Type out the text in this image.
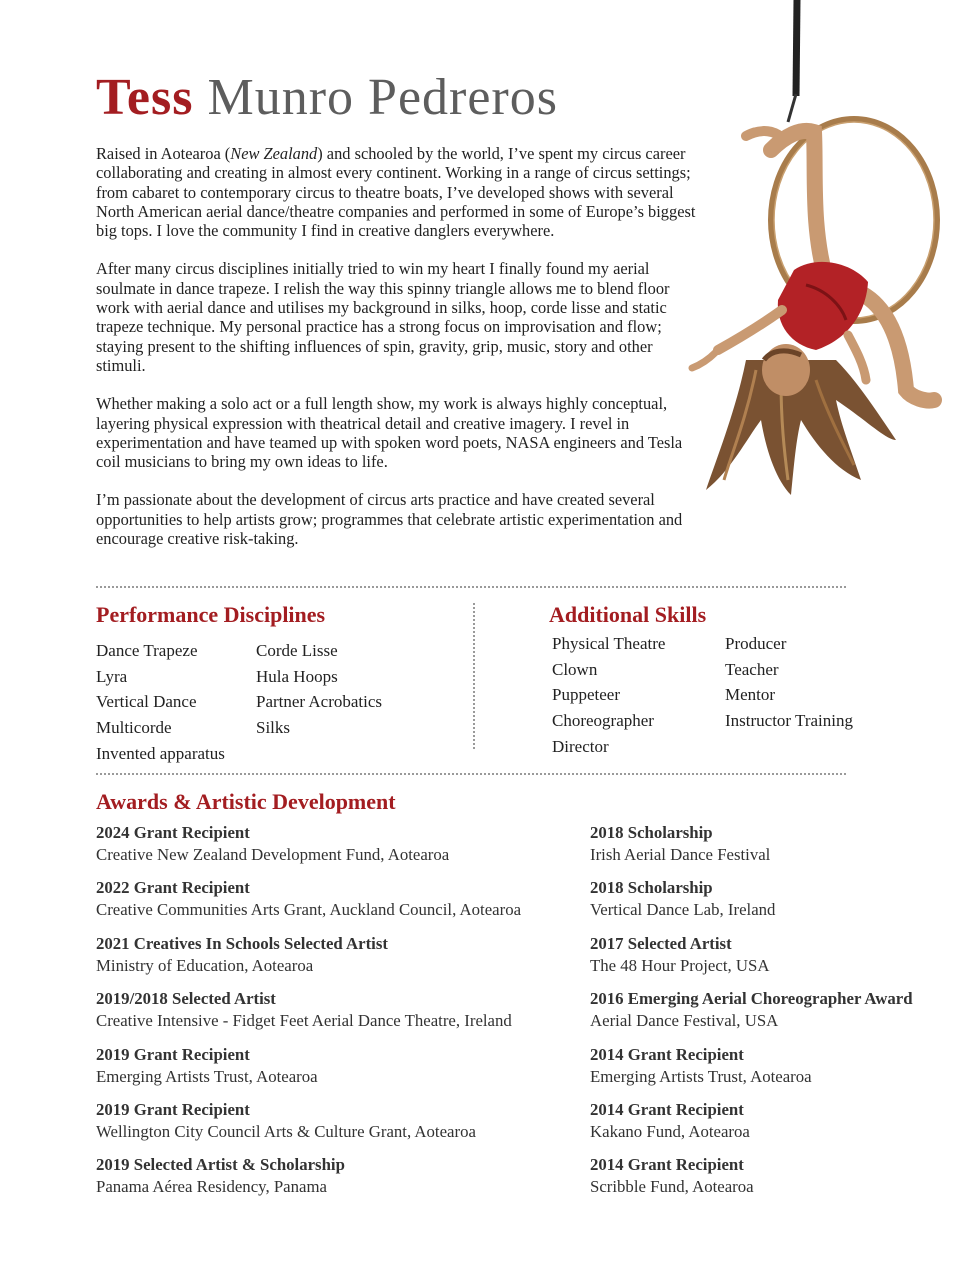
Tess Munro Pedreros

Raised in Aotearoa (New Zealand) and schooled by the world, I’ve spent my circus career collaborating and creating in almost every continent. Working in a range of circus settings; from cabaret to contemporary circus to theatre boats, I’ve developed shows with several North American aerial dance/theatre companies and performed in some of Europe’s biggest big tops. I love the community I find in creative danglers everywhere.

After many circus disciplines initially tried to win my heart I finally found my aerial soulmate in dance trapeze. I relish the way this spinny triangle allows me to blend floor work with aerial dance and utilises my background in silks, hoop, corde lisse and static trapeze technique. My personal practice has a strong focus on improvisation and flow; staying present to the shifting influences of spin, gravity, grip, music, story and other stimuli.

Whether making a solo act or a full length show, my work is always highly conceptual, layering physical expression with theatrical detail and creative imagery. I revel in experimentation and have teamed up with spoken word poets, NASA engineers and Tesla coil musicians to bring my own ideas to life.

I’m passionate about the development of circus arts practice and have created several opportunities to help artists grow; programmes that celebrate artistic experimentation and encourage creative risk-taking.

Performance Disciplines
Dance Trapeze
Lyra
Vertical Dance
Multicorde
Invented apparatus
Corde Lisse
Hula Hoops
Partner Acrobatics
Silks
Additional Skills
Physical Theatre
Clown
Puppeteer
Choreographer
Director
Producer
Teacher
Mentor
Instructor Training
Awards & Artistic Development
2024 Grant Recipient
Creative New Zealand Development Fund, Aotearoa
2022 Grant Recipient
Creative Communities Arts Grant, Auckland Council, Aotearoa
2021 Creatives In Schools Selected Artist
Ministry of Education, Aotearoa
2019/2018 Selected Artist
Creative Intensive - Fidget Feet Aerial Dance Theatre, Ireland
2019 Grant Recipient
Emerging Artists Trust, Aotearoa
2019 Grant Recipient
Wellington City Council Arts & Culture Grant, Aotearoa
2019 Selected Artist & Scholarship
Panama Aérea Residency, Panama
2018 Scholarship
Irish Aerial Dance Festival
2018 Scholarship
Vertical Dance Lab, Ireland
2017 Selected Artist
The 48 Hour Project, USA
2016 Emerging Aerial Choreographer Award
Aerial Dance Festival, USA
2014 Grant Recipient
Emerging Artists Trust, Aotearoa
2014 Grant Recipient
Kakano Fund, Aotearoa
2014 Grant Recipient
Scribble Fund, Aotearoa
